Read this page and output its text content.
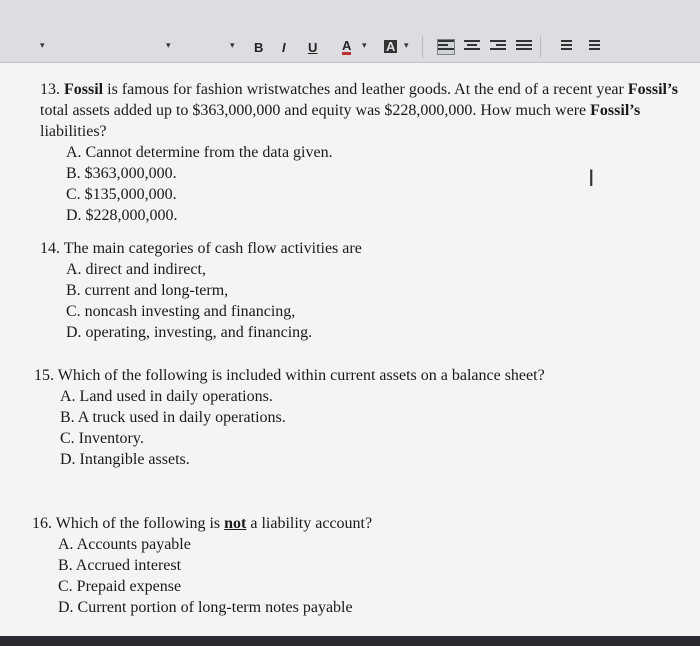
▾	▾	▾ B I U A ▾ A ▾

13. Fossil is famous for fashion wristwatches and leather goods. At the end of a recent year Fossil’s total assets added up to $363,000,000 and equity was $228,000,000. How much were Fossil’s liabilities?

A. Cannot determine from the data given.

B. $363,000,000.

C. $135,000,000.

D. $228,000,000.

14. The main categories of cash flow activities are

A. direct and indirect,

B. current and long-term,

C. noncash investing and financing,

D. operating, investing, and financing.

15. Which of the following is included within current assets on a balance sheet?

A. Land used in daily operations.

B. A truck used in daily operations.

C. Inventory.

D. Intangible assets.

16. Which of the following is not a liability account?

A. Accounts payable

B. Accrued interest

C. Prepaid expense

D. Current portion of long-term notes payable

I
